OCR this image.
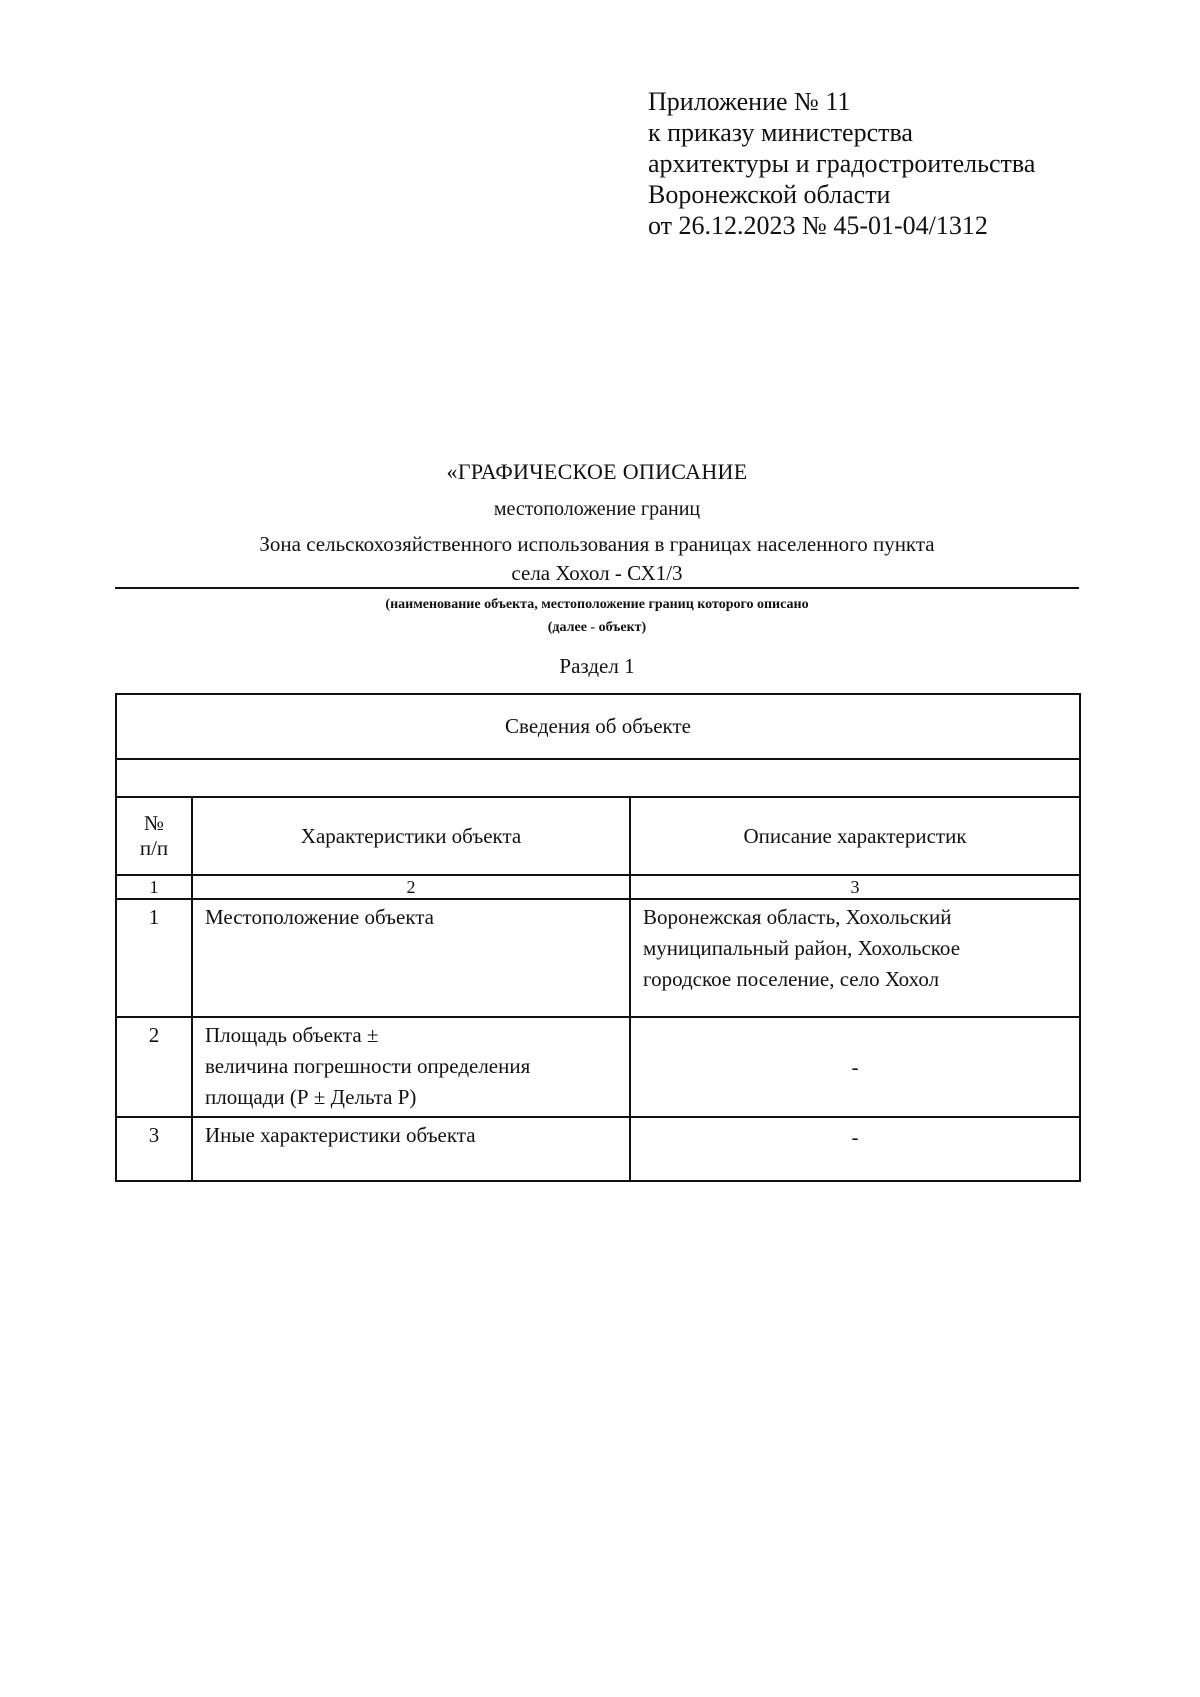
Приложение № 11
к приказу министерства
архитектуры и градостроительства
Воронежской области
от 26.12.2023 № 45-01-04/1312
«ГРАФИЧЕСКОЕ ОПИСАНИЕ
местоположение границ
Зона сельскохозяйственного использования в границах населенного пункта
села Хохол - СХ1/3
(наименование объекта, местоположение границ которого описано
(далее - объект)
Раздел 1
Сведения об объекте		

№
п/п	Характеристики объекта	Описание характеристик
1	2	3
1	Местоположение объекта	Воронежская область, Хохольский
муниципальный район, Хохольское
городское поселение, село Хохол
2	Площадь объекта ±
величина погрешности определения
площади (Р ± Дельта Р)	-
3	Иные характеристики объекта	-
